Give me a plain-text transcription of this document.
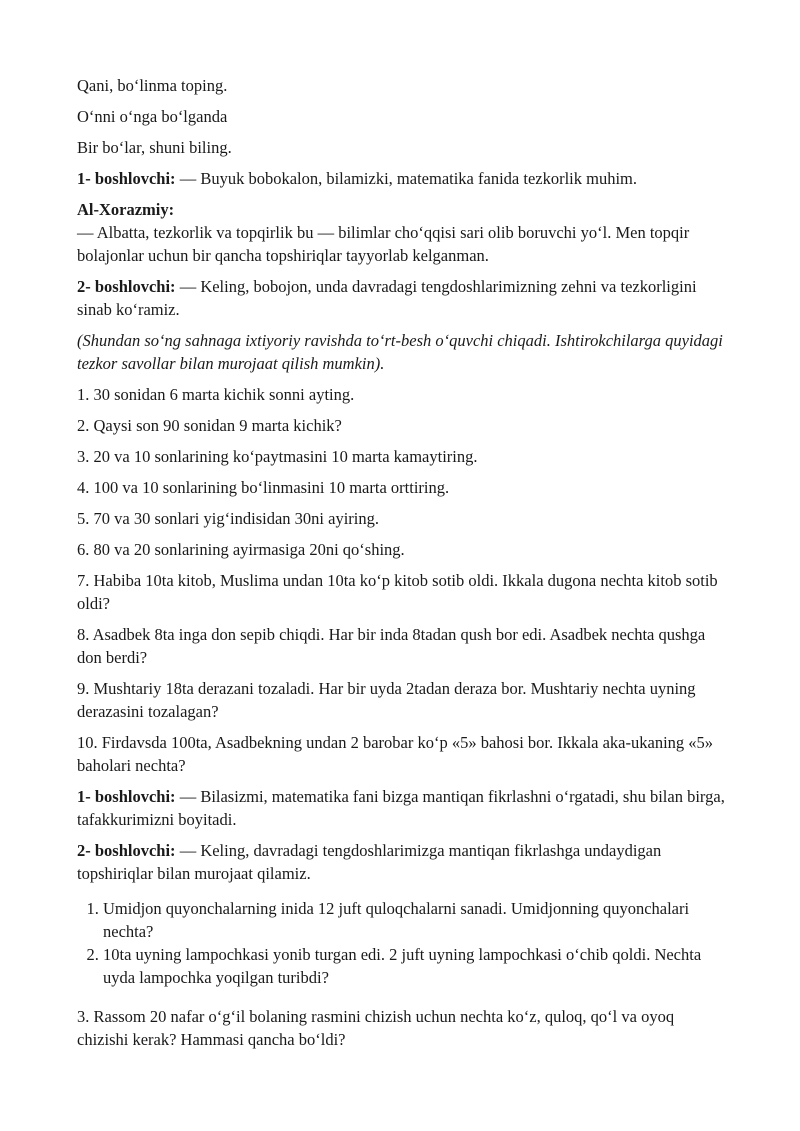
Qani, bo‘linma toping.

O‘nni o‘nga bo‘lganda

Bir bo‘lar, shuni biling.

1- boshlovchi: — Buyuk bobokalon, bilamizki, matematika fanida tezkorlik muhim.

Al-Xorazmiy:
— Albatta, tezkorlik va topqirlik bu — bilimlar cho‘qqisi sari olib boruvchi yo‘l. Men topqir bolajonlar uchun bir qancha topshiriqlar tayyorlab kelganman.

2- boshlovchi: — Keling, bobojon, unda davradagi tengdoshlarimizning zehni va tezkorligini sinab ko‘ramiz.

(Shundan so‘ng sahnaga ixtiyoriy ravishda to‘rt-besh o‘quvchi chiqadi. Ishtirokchilarga quyidagi tezkor savollar bilan murojaat qilish mumkin).

1. 30 sonidan 6 marta kichik sonni ayting.

2. Qaysi son 90 sonidan 9 marta kichik?

3. 20 va 10 sonlarining ko‘paytmasini 10 marta kamaytiring.

4. 100 va 10 sonlarining bo‘linmasini 10 marta orttiring.

5. 70 va 30 sonlari yig‘indisidan 30ni ayiring.

6. 80 va 20 sonlarining ayirmasiga 20ni qo‘shing.

7. Habiba 10ta kitob, Muslima undan 10ta ko‘p kitob sotib oldi. Ikkala dugona nechta kitob sotib oldi?

8. Asadbek 8ta inga don sepib chiqdi. Har bir inda 8tadan qush bor edi. Asadbek nechta qushga don berdi?

9. Mushtariy 18ta derazani tozaladi. Har bir uyda 2tadan deraza bor. Mushtariy nechta uyning derazasini tozalagan?

10. Firdavsda 100ta, Asadbekning undan 2 barobar ko‘p «5» bahosi bor. Ikkala aka-ukaning «5» baholari nechta?

1- boshlovchi: — Bilasizmi, matematika fani bizga mantiqan fikrlashni o‘rgatadi, shu bilan birga, tafakkurimizni boyitadi.

2- boshlovchi: — Keling, davradagi tengdoshlarimizga mantiqan fikrlashga undaydigan topshiriqlar bilan murojaat qilamiz.

1. Umidjon quyonchalarning inida 12 juft quloqchalarni sanadi. Umidjonning quyonchalari nechta?
2. 10ta uyning lampochkasi yonib turgan edi. 2 juft uyning lampochkasi o‘chib qoldi. Nechta uyda lampochka yoqilgan turibdi?

3. Rassom 20 nafar o‘g‘il bolaning rasmini chizish uchun nechta ko‘z, quloq, qo‘l va oyoq chizishi kerak? Hammasi qancha bo‘ldi?
